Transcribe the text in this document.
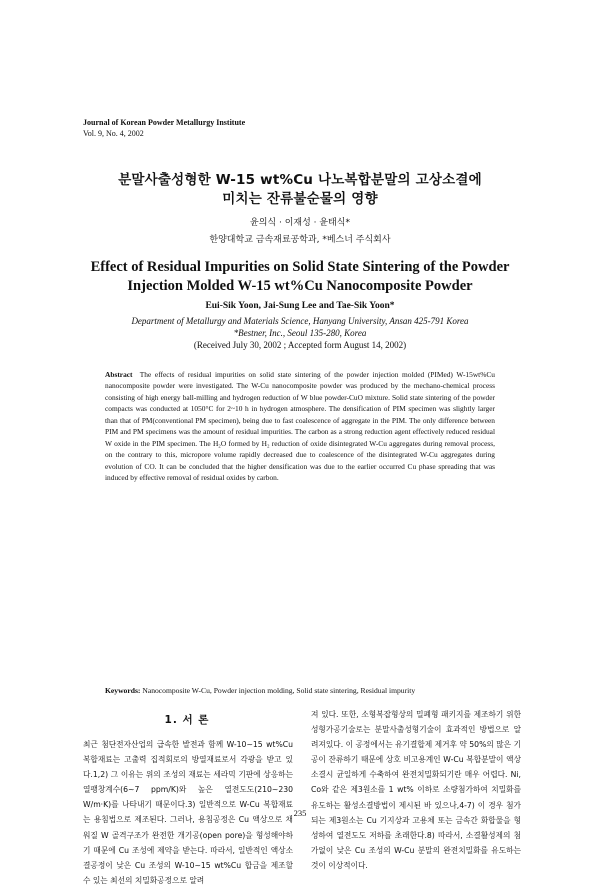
Journal of Korean Powder Metallurgy Institute
Vol. 9, No. 4, 2002
분말사출성형한 W-15 wt%Cu 나노복합분말의 고상소결에
미치는 잔류불순물의 영향
윤의식 · 이재성 · 윤태식*
한양대학교 금속재료공학과, *베스너 주식회사
Effect of Residual Impurities on Solid State Sintering of the Powder
Injection Molded W-15 wt%Cu Nanocomposite Powder
Eui-Sik Yoon, Jai-Sung Lee and Tae-Sik Yoon*
Department of Metallurgy and Materials Science, Hanyang University, Ansan 425-791 Korea
*Bestner, Inc., Seoul 135-280, Korea
(Received July 30, 2002 ; Accepted form August 14, 2002)
Abstract The effects of residual impurities on solid state sintering of the powder injection molded (PIMed) W-15wt%Cu nanocomposite powder were investigated. The W-Cu nanocomposite powder was produced by the mechano-chemical process consisting of high energy ball-milling and hydrogen reduction of W blue powder-CuO mixture. Solid state sintering of the powder compacts was conducted at 1050°C for 2~10 h in hydrogen atmosphere. The densification of PIM specimen was slightly larger than that of PM(conventional PM specimen), being due to fast coalescence of aggregate in the PIM. The only difference between PIM and PM specimens was the amount of residual impurities. The carbon as a strong reduction agent effectively reduced residual W oxide in the PIM specimen. The H₂O formed by H₂ reduction of oxide disintegrated W-Cu aggregates during removal process, on the contrary to this, micropore volume rapidly decreased due to coalescence of the disintegrated W-Cu aggregates during evolution of CO. It can be concluded that the higher densification was due to the earlier occurred Cu phase spreading that was induced by effective removal of residual oxides by carbon.
Keywords: Nanocomposite W-Cu, Powder injection molding, Solid state sintering, Residual impurity
1. 서 론
최근 첨단전자산업의 급속한 발전과 함께 W-10~15 wt%Cu 복합재료는 고출력 집적회로의 방열재료로서 각광을 받고 있다.1,2) 그 이유는 위의 조성의 재료는 세라믹 기판에 상응하는 열팽창계수(6~7 ppm/K)와 높은 열전도도(210~230 W/m·K)를 나타내기 때문이다.3) 일반적으로 W-Cu 복합재료는 용침법으로 제조된다. 그러나, 용침공정은 Cu 액상으로 채워질 W 골격구조가 완전한 개기공(open pore)을 형성해야하기 때문에 Cu 조성에 제약을 받는다. 따라서, 일반적인 액상소결공정이 낮은 Cu 조성의 W-10~15 wt%Cu 합금을 제조할 수 있는 최선의 치밀화공정으로 알려
져 있다. 또한, 소형복잡형상의 밀폐형 패키지를 제조하기 위한 성형가공기술로는 분말사출성형기술이 효과적인 방법으로 알려져있다. 이 공정에서는 유기결합제 제거후 약 50%의 많은 기공이 잔류하기 때문에 상호 비고용계인 W-Cu 복합분말이 액상소결시 균일하게 수축하여 완전치밀화되기란 매우 어렵다. Ni, Co와 같은 제3원소를 1 wt% 이하로 소량첨가하여 치밀화를 유도하는 활성소결방법이 제시된 바 있으나,4-7) 이 경우 첨가되는 제3원소는 Cu 기지상과 고용체 또는 금속간 화합물을 형성하여 열전도도 저하를 초래한다.8) 따라서, 소결활성제의 첨가없이 낮은 Cu 조성의 W-Cu 분말의 완전치밀화를 유도하는 것이 이상적이다.
235
